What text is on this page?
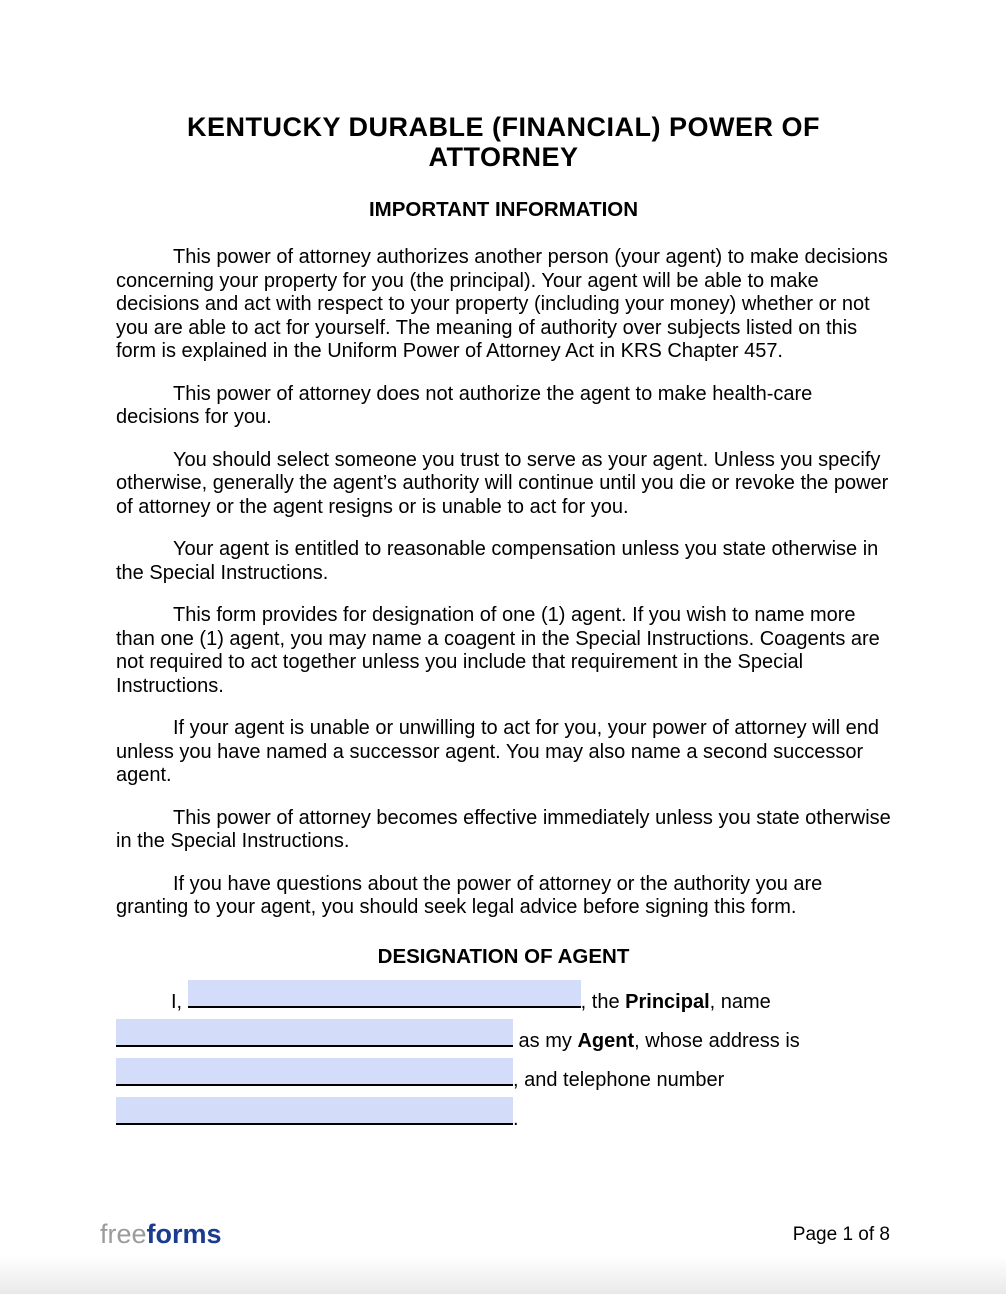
KENTUCKY DURABLE (FINANCIAL) POWER OF ATTORNEY
IMPORTANT INFORMATION

This power of attorney authorizes another person (your agent) to make decisions concerning your property for you (the principal). Your agent will be able to make decisions and act with respect to your property (including your money) whether or not you are able to act for yourself. The meaning of authority over subjects listed on this form is explained in the Uniform Power of Attorney Act in KRS Chapter 457.

This power of attorney does not authorize the agent to make health-care decisions for you.

You should select someone you trust to serve as your agent. Unless you specify otherwise, generally the agent’s authority will continue until you die or revoke the power of attorney or the agent resigns or is unable to act for you.

Your agent is entitled to reasonable compensation unless you state otherwise in the Special Instructions.

This form provides for designation of one (1) agent. If you wish to name more than one (1) agent, you may name a coagent in the Special Instructions. Coagents are not required to act together unless you include that requirement in the Special Instructions.

If your agent is unable or unwilling to act for you, your power of attorney will end unless you have named a successor agent. You may also name a second successor agent.

This power of attorney becomes effective immediately unless you state otherwise in the Special Instructions.

If you have questions about the power of attorney or the authority you are granting to your agent, you should seek legal advice before signing this form.

DESIGNATION OF AGENT
I,	, the Principal, name
as my Agent, whose address is
, and telephone number
.
freeforms	Page 1 of 8
